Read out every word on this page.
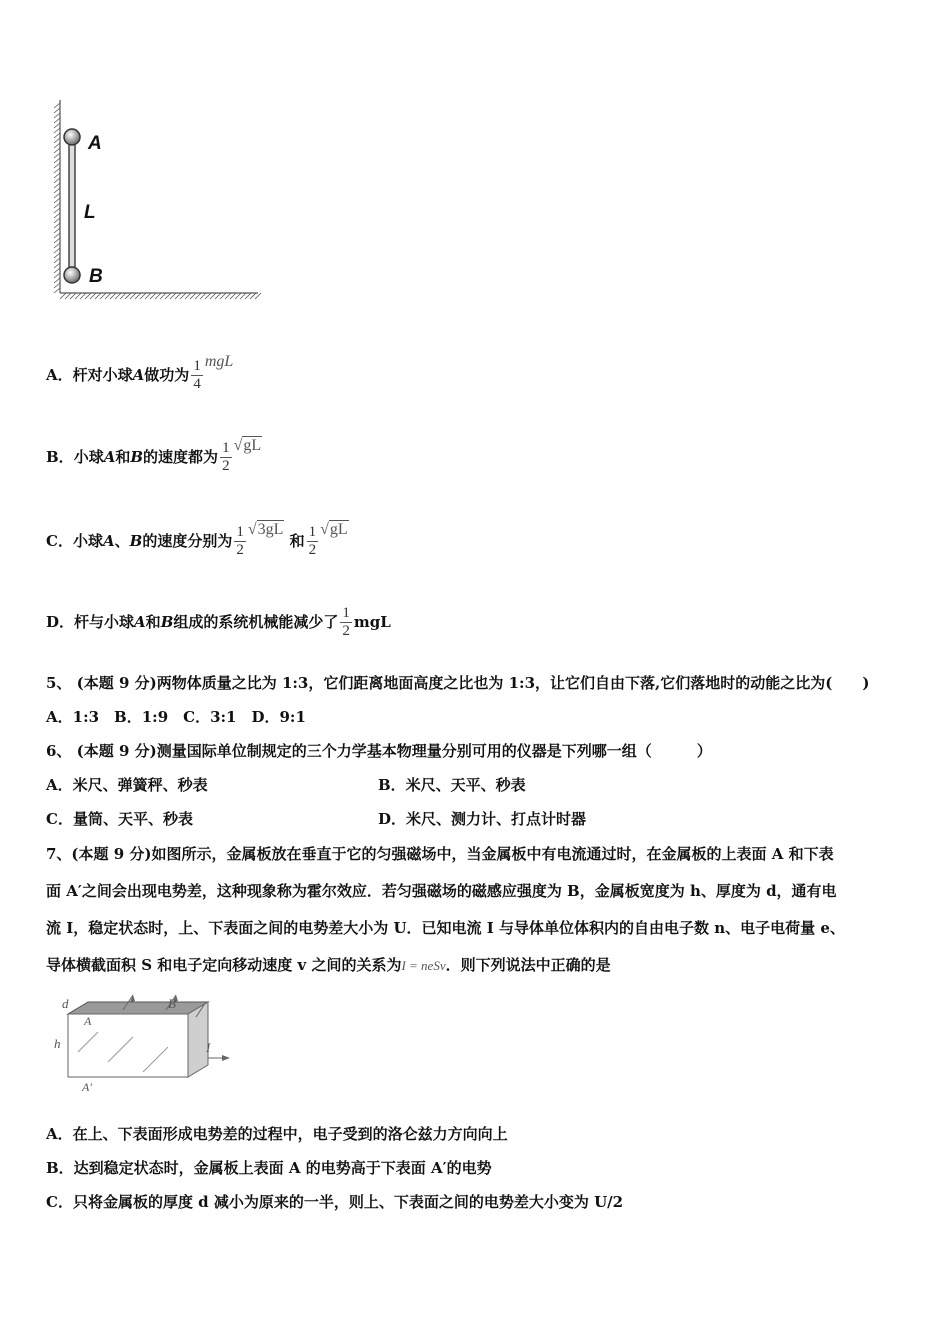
A
L
B
A．杆对小球A做功为 $\frac{1}{4}$ mgL
B．小球A和B的速度都为 $\frac{1}{2} √gL$
C．小球A、B的速度分别为 $\frac{1}{2} √3gL$ 和 $\frac{1}{2} √gL$
D．杆与小球A和B组成的系统机械能减少了 $\frac{1}{2}$ mgL
5、 (本题 9 分)两物体质量之比为 1:3，它们距离地面高度之比也为 1:3，让它们自由下落,它们落地时的动能之比为(　　)
A．1:3　B．1:9　C．3:1　D．9:1
6、 (本题 9 分)测量国际单位制规定的三个力学基本物理量分别可用的仪器是下列哪一组（　　　）
A．米尺、弹簧秤、秒表	B．米尺、天平、秒表
C．量筒、天平、秒表	D．米尺、测力计、打点计时器
7、(本题 9 分)如图所示，金属板放在垂直于它的匀强磁场中，当金属板中有电流通过时，在金属板的上表面 A 和下表
面 A′之间会出现电势差，这种现象称为霍尔效应．若匀强磁场的磁感应强度为 B，金属板宽度为 h、厚度为 d，通有电
流 I，稳定状态时，上、下表面之间的电势差大小为 U．已知电流 I 与导体单位体积内的自由电子数 n、电子电荷量 e、
导体横截面积 S 和电子定向移动速度 v 之间的关系为I = neSv．则下列说法中正确的是
d	B
A
h	I
A′
A．在上、下表面形成电势差的过程中，电子受到的洛仑兹力方向向上
B．达到稳定状态时，金属板上表面 A 的电势高于下表面 A′的电势
C．只将金属板的厚度 d 减小为原来的一半，则上、下表面之间的电势差大小变为 U/2
